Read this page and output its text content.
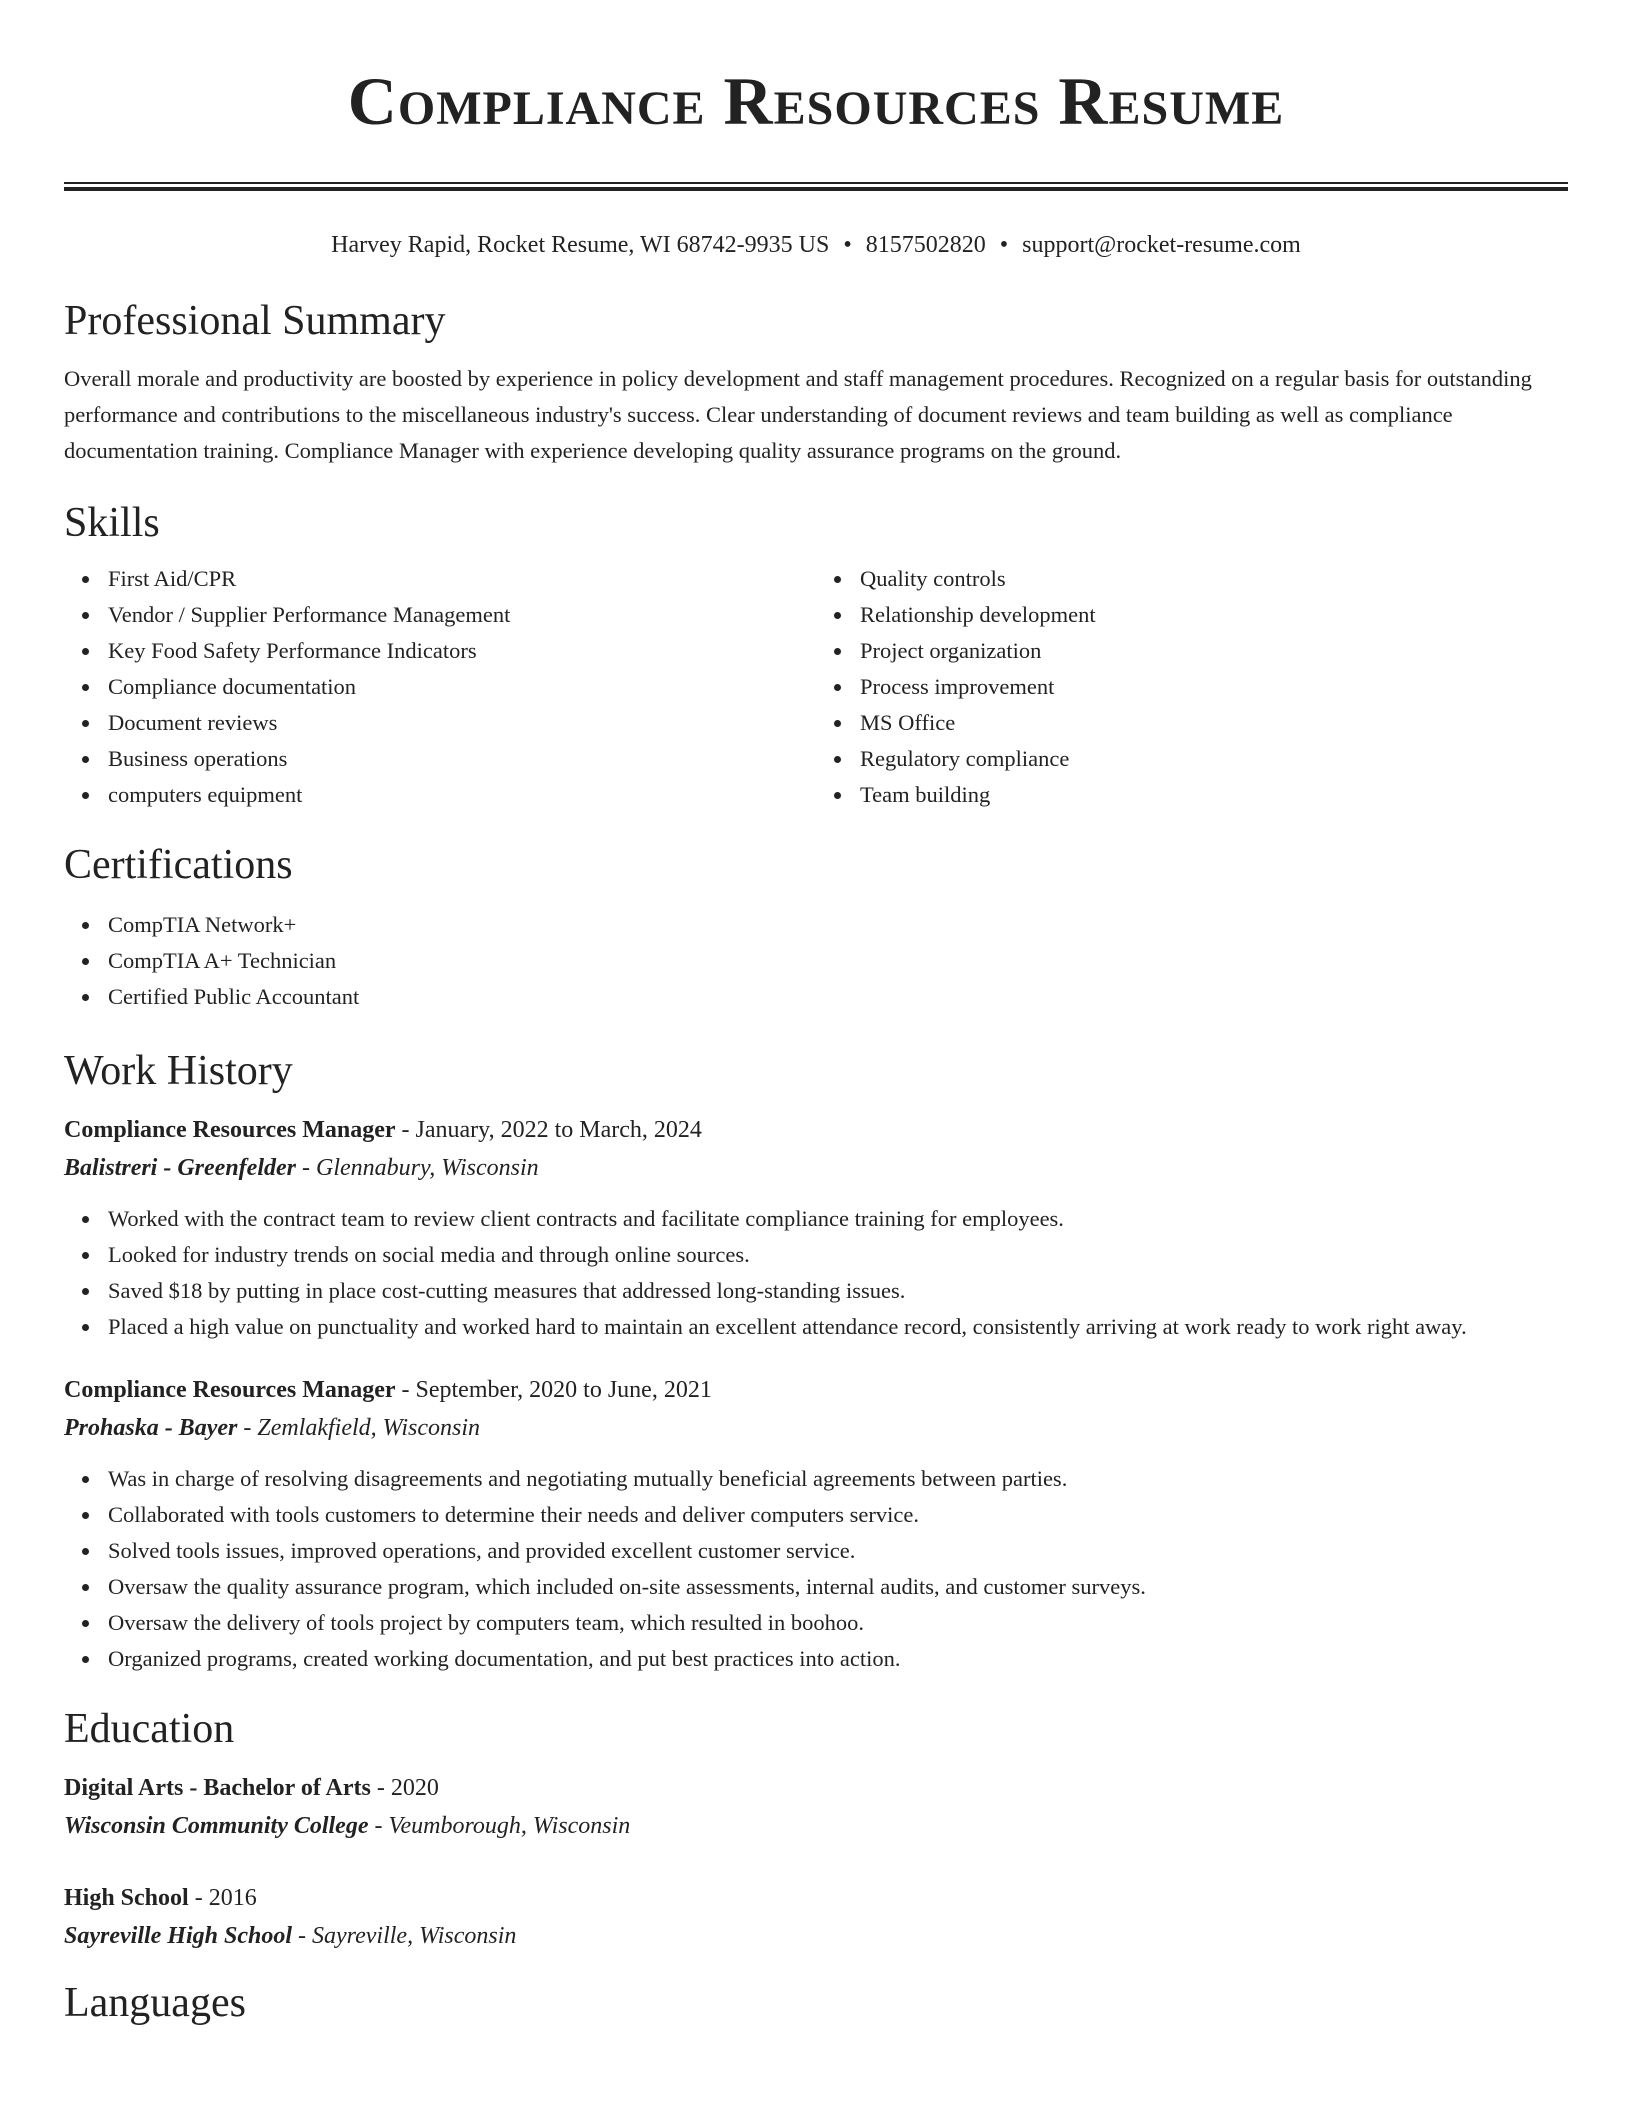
Compliance Resources Resume
Harvey Rapid, Rocket Resume, WI 68742-9935 US • 8157502820 • support@rocket-resume.com
Professional Summary

Overall morale and productivity are boosted by experience in policy development and staff management procedures. Recognized on a regular basis for outstanding performance and contributions to the miscellaneous industry's success. Clear understanding of document reviews and team building as well as compliance documentation training. Compliance Manager with experience developing quality assurance programs on the ground.

Skills
First Aid/CPR
Vendor / Supplier Performance Management
Key Food Safety Performance Indicators
Compliance documentation
Document reviews
Business operations
computers equipment
Quality controls
Relationship development
Project organization
Process improvement
MS Office
Regulatory compliance
Team building
Certifications
CompTIA Network+
CompTIA A+ Technician
Certified Public Accountant
Work History
Compliance Resources Manager - January, 2022 to March, 2024
Balistreri - Greenfelder - Glennabury, Wisconsin
Worked with the contract team to review client contracts and facilitate compliance training for employees.
Looked for industry trends on social media and through online sources.
Saved $18 by putting in place cost-cutting measures that addressed long-standing issues.
Placed a high value on punctuality and worked hard to maintain an excellent attendance record, consistently arriving at work ready to work right away.
Compliance Resources Manager - September, 2020 to June, 2021
Prohaska - Bayer - Zemlakfield, Wisconsin
Was in charge of resolving disagreements and negotiating mutually beneficial agreements between parties.
Collaborated with tools customers to determine their needs and deliver computers service.
Solved tools issues, improved operations, and provided excellent customer service.
Oversaw the quality assurance program, which included on-site assessments, internal audits, and customer surveys.
Oversaw the delivery of tools project by computers team, which resulted in boohoo.
Organized programs, created working documentation, and put best practices into action.
Education
Digital Arts - Bachelor of Arts - 2020
Wisconsin Community College - Veumborough, Wisconsin
High School - 2016
Sayreville High School - Sayreville, Wisconsin
Languages
